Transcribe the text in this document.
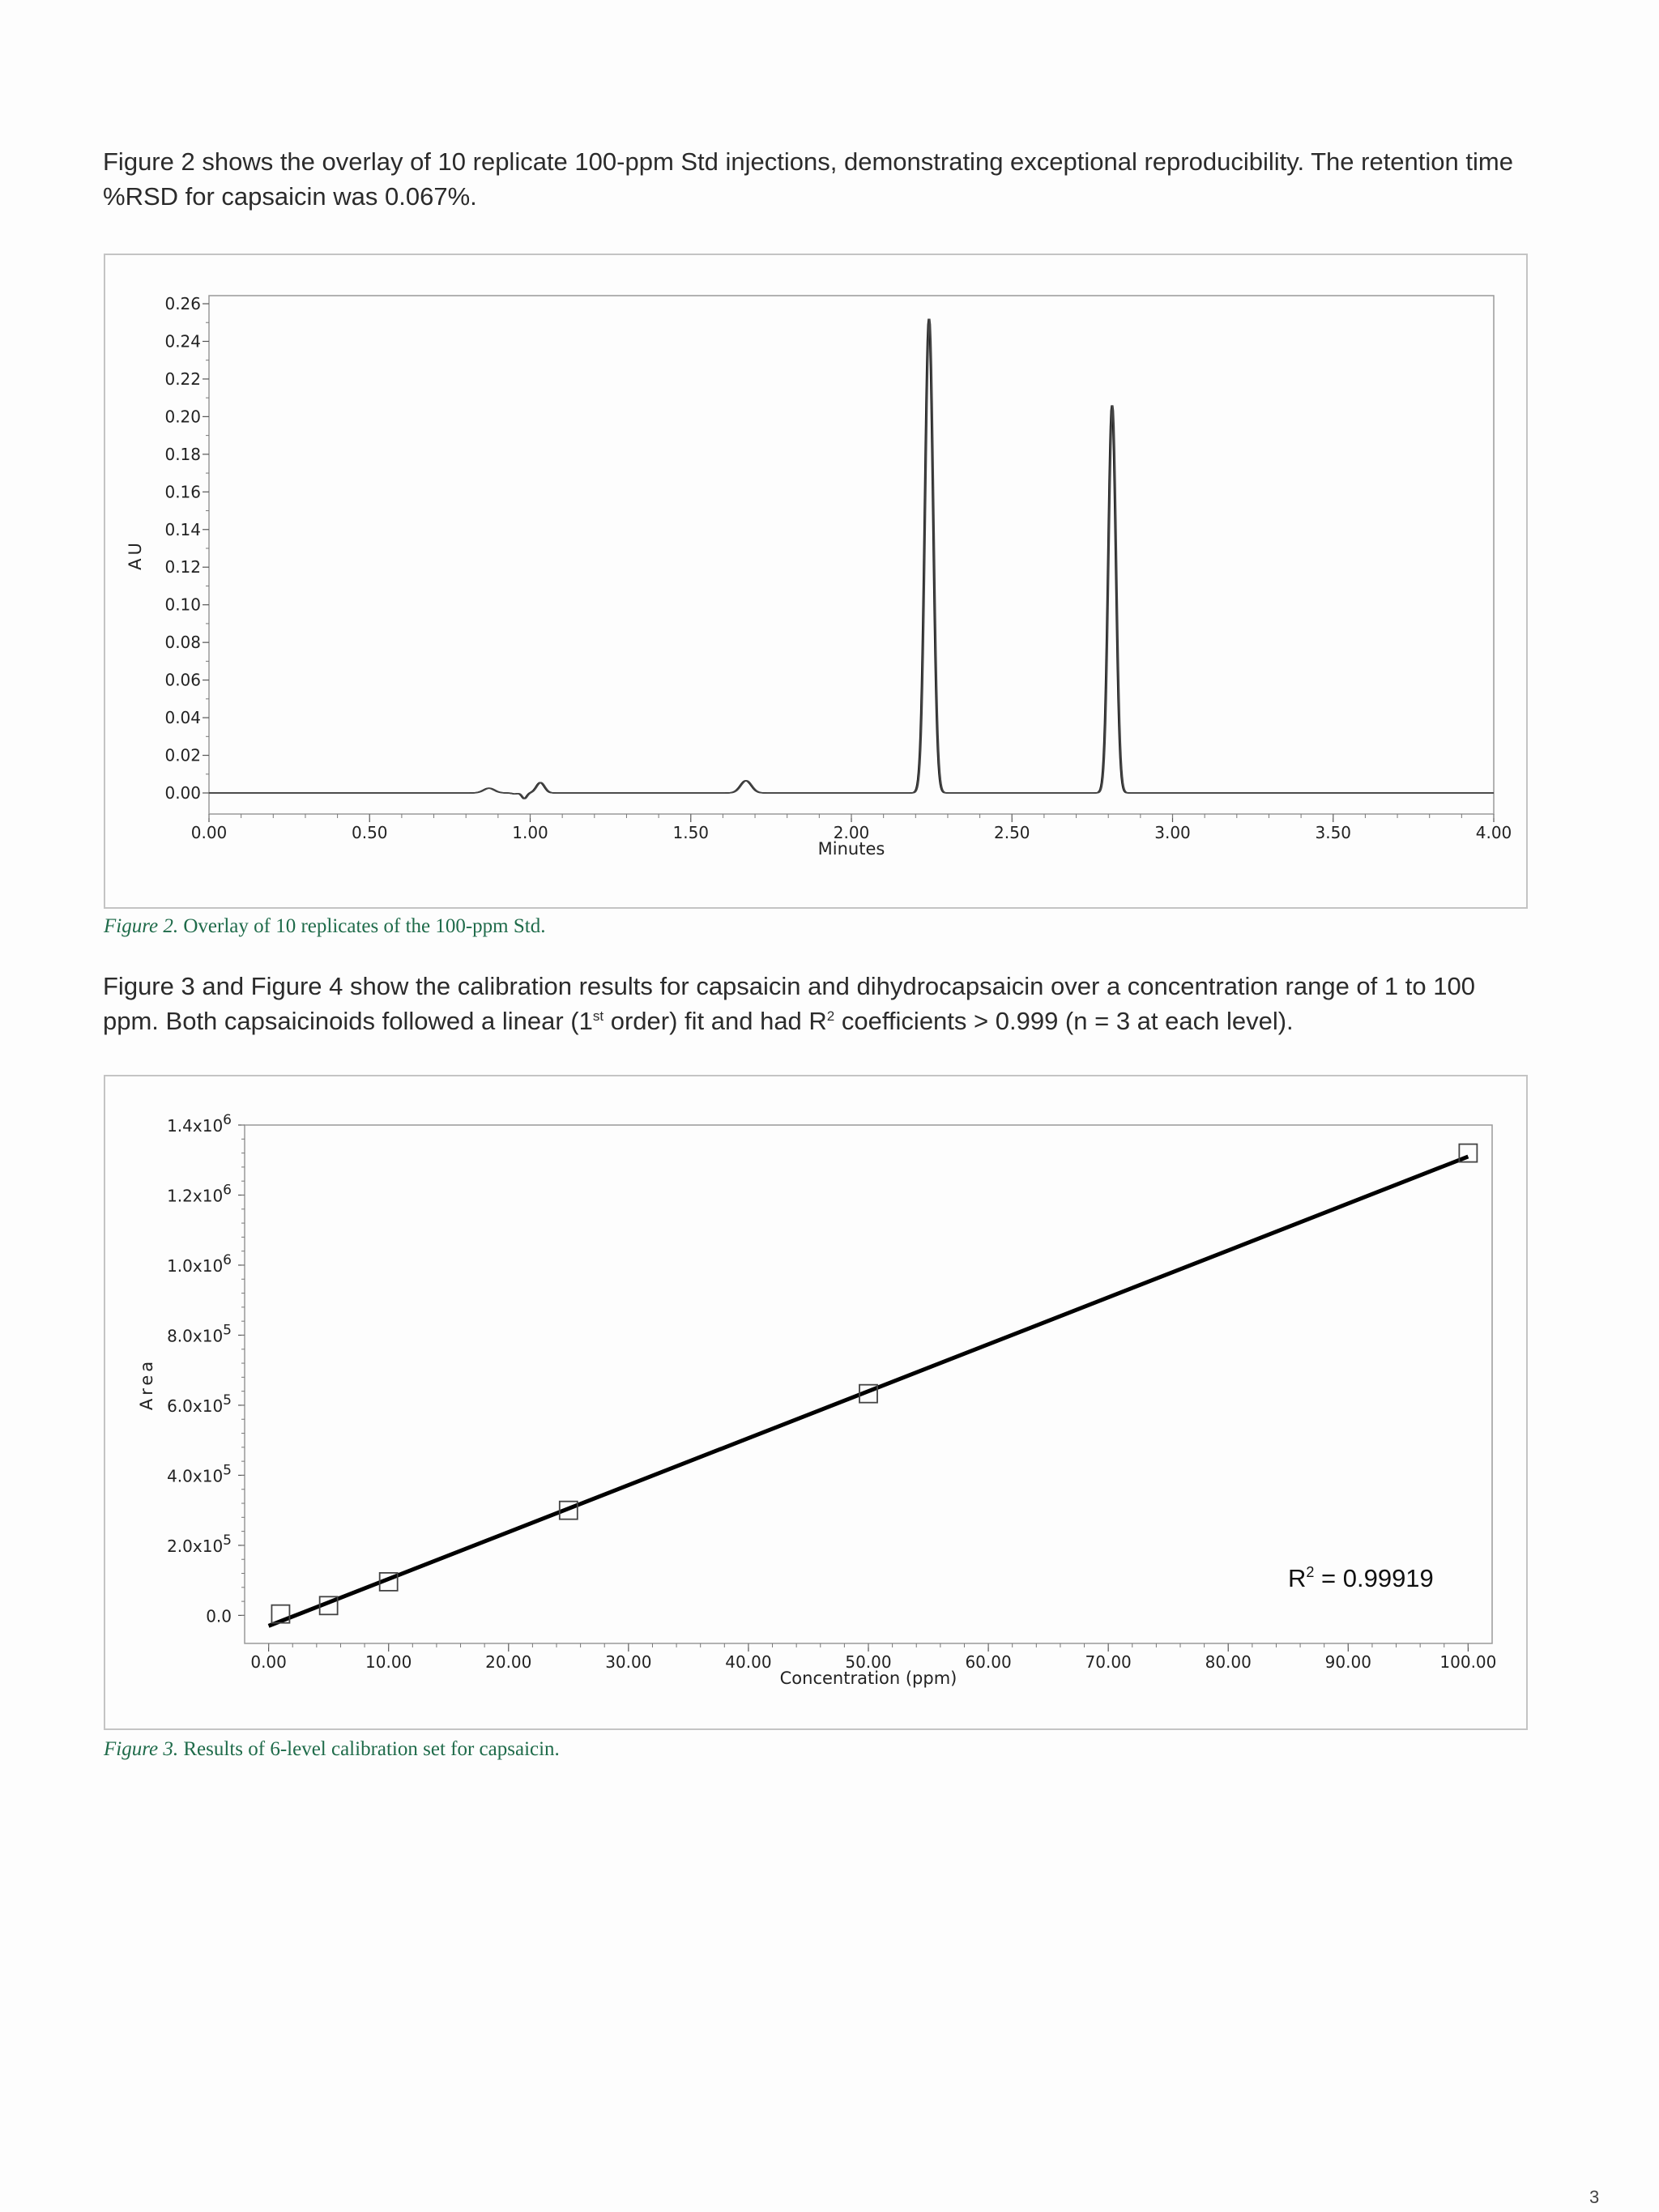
Figure 2 shows the overlay of 10 replicate 100-ppm Std injections, demonstrating exceptional reproducibility. The retention time %RSD for capsaicin was 0.067%.

0.00
0.02
0.04
0.06
0.08
0.10
0.12
0.14
0.16
0.18
0.20
0.22
0.24
0.26
0.00	0.50	1.00	1.50	2.00	2.50	3.00	3.50	4.00
Minutes
AU
Figure 2. Overlay of 10 replicates of the 100-ppm Std.

Figure 3 and Figure 4 show the calibration results for capsaicin and dihydrocapsaicin over a concentration range of 1 to 100 ppm. Both capsaicinoids followed a linear (1st order) fit and had $R^2$ coefficients > 0.999 (n = 3 at each level).

0.0
$2.0x10^5$
$4.0x10^5$
$6.0x10^5$
$8.0x10^5$
$1.0x10^6$
$1.2x10^6$
$1.4x10^6$
0.00	10.00	20.00	30.00	40.00	50.00	60.00	70.00	80.00	90.00	100.00
Concentration (ppm)
Area
$R^2 = 0.99919$
Figure 3. Results of 6-level calibration set for capsaicin.
3
